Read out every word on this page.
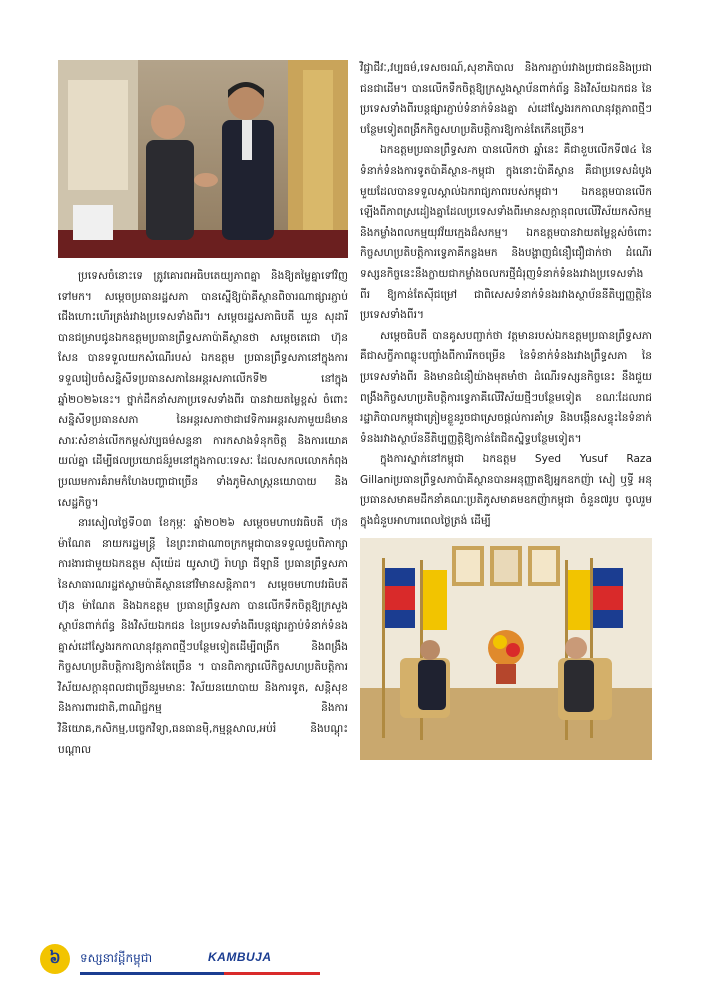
ប្រទេសចំនោះទេ ត្រូវគោរពអធិបតេយ្យភាពគ្នា និងឱ្យតម្លៃគ្នាទៅវិញទៅមក។ សម្តេចប្រធានរដ្ឋសភា បានស្នើឱ្យប៉ាគីស្ថានពិចារណាផ្សារភ្ជាប់ជើងហោះហើរត្រង់រវាងប្រទេសទាំងពីរ។ សម្តេចរដ្ឋសភាធិបតី ឃួន សុដារី បានជម្រាបជូនឯកឧត្តមប្រធានព្រឹទ្ធសភាប៉ាគីស្ថានថា សម្តេចតេជោ ហ៊ុន សែន បានទទួលយកសំណើរបស់ ឯកឧត្តម ប្រធានព្រឹទ្ធសភានៅក្នុងការទទួលរៀបចំសន្និសីទប្រធានសភានៃអន្តរសភាលើកទី២ នៅក្នុងឆ្នាំ២០២៦នេះ។ ថ្នាក់ដឹកនាំសភាប្រទេសទាំងពីរ បានវាយតម្លៃខ្ពស់ ចំពោះសន្និសីទប្រធានសភា នៃអន្តរសភាថាជាវេទិការអន្តរសភាមួយដ៏មានសារៈសំខាន់លើកកម្ពស់វប្បធម៌សន្ទនា ការកសាងទំនុកចិត្ត និងការយោគយល់គ្នា ដើម្បីផលប្រយោជន៍រួមនៅក្នុងកាលៈទេសៈ ដែលសកលលោកកំពុងប្រឈមការគំរាមកំហែងបញ្ហាជាច្រើន ទាំងភូមិសាស្ត្រនយោបាយ និងសេដ្ឋកិច្ច។

នារសៀលថ្ងៃទី០៣ ខែកុម្ភៈ ឆ្នាំ២០២៦ សម្តេចមហាបវរធិបតី ហ៊ុន ម៉ាណែត នាយករដ្ឋមន្ត្រី នៃព្រះរាជាណាចក្រកម្ពុជាបានទទួលជួបពិភាក្សាការងារជាមួយឯកឧត្តម ស៊ីយ៉េដ យូសាហ្វ៊ រ៉ាហ្សា ជីឡានី ប្រធានព្រឹទ្ធសភា នៃសាធារណរដ្ឋឥស្លាមប៉ាគីស្ថាននៅវិមានសន្តិភាព។ សម្តេចមហាបវរធិបតី ហ៊ុន ម៉ាណែត និងឯកឧត្តម ប្រធានព្រឹទ្ធសភា បានលើកទឹកចិត្តឱ្យក្រសួងស្ថាប័នពាក់ព័ន្ធ និងវិស័យឯកជន នៃប្រទេសទាំងពីរបន្តផ្សារភ្ជាប់ទំនាក់ទំនងគ្នាស់ដៅស្វែងរកកាលានុវត្តភាពថ្មីៗបន្ថែមទៀតដើម្បីពង្រីក និងពង្រឹងកិច្ចសហប្រតិបត្តិការឱ្យកាន់តែច្រើន ។ បានពិភាក្សាលើកិច្ចសហប្រតិបត្តិការវិស័យសក្តានុពលជាច្រើនរួមមានៈ វិស័យនយោបាយ និងការទូត, សន្តិសុខ និងការពារជាតិ,ពាណិជ្ជកម្ម និងការវិនិយោគ,កសិកម្ម,បច្ចេកវិទ្យា,ធនធានម៉ិ,កម្មន្តសាល,អប់រំ និងបណ្តុះបណ្តាល

វិជ្ជាជីវៈ,វប្បធម៌,ទេសចរណ៍,សុខាភិបាល និងការភ្ជាប់រវាងប្រជាជននិងប្រជាជនជាដើម។ បានលើកទឹកចិត្តឱ្យក្រសួងស្ថាប័នពាក់ព័ន្ធ និងវិស័យឯកជន នៃប្រទេសទាំងពីរបន្តផ្សារភ្ជាប់ទំនាក់ទំនងគ្នា ស់ដៅស្វែងរកកាលានុវត្តភាពថ្មីៗបន្ថែមទៀតពង្រីកកិច្ចសហប្រតិបត្តិការឱ្យកាន់តែកើនច្រើន។

ឯកឧត្តមប្រធានព្រឹទ្ធសភា បានលើកថា ឆ្នាំនេះ គឺជាខួបលើកទី៧៤ នៃទំនាក់ទំនងការទូតប៉ាគីស្ថាន-កម្ពុជា ក្នុងនោះប៉ាគីស្ថាន គឺជាប្រទេសដំបូងមួយដែលបានទទួលស្គាល់ឯករាជ្យភាពរបស់កម្ពុជា។ ឯកឧត្តមបានលើកឡើងពីភាពស្រដៀងគ្នាដែលប្រទេសទាំងពីរមានសក្តានុពលលើវិស័យកសិកម្ម និងកម្លាំងពលកម្មយុវវ័យក្មេងដ៏សកម្ម។ ឯកឧត្តមបានវាយតម្លៃខ្ពស់ចំពោះកិច្ចសហប្រតិបត្តិការទ្វេភាគីកន្លងមក និងបង្ហាញជំនឿជឿជាក់ថា ដំណើរទស្សនកិច្ចនេះនឹងក្លាយជាកម្លាំងចលករថ្មីជំរុញទំនាក់ទំនងរវាងប្រទេសទាំងពីរ ឱ្យកាន់តែស៊ីជម្រៅ ជាពិសេសទំនាក់ទំនងរវាងស្ថាប័ននីតិប្បញ្ញត្តិនៃប្រទេសទាំងពីរ។

សម្តេចធិបតី បានគូសបញ្ជាក់ថា វត្តមានរបស់ឯកឧត្តមប្រធានព្រឹទ្ធសភា គឺជាសក្ខីភាពឆ្លុះបញ្ចាំងពីការរីកចម្រើន នៃទំនាក់ទំនងរវាងព្រឹទ្ធសភា នៃប្រទេសទាំងពីរ និងមានជំនឿយ៉ាងមុតមាំថា ដំណើរទស្សនកិច្ចនេះ នឹងជួយពង្រឹងកិច្ចសហប្រតិបត្តិការទ្វេភាគីលើវិស័យថ្មីៗបន្ថែមទៀត ខណៈដែលរាជរដ្ឋាភិបាលកម្ពុជាត្រៀមខ្លួនរួចជាស្រេចផ្តល់ការគាំទ្រ និងបង្កើនសន្ទុះនៃទំនាក់ទំនងរវាងស្ថាប័ននីតិប្បញ្ញត្តិឱ្យកាន់តែជិតស្និទ្ធបន្ថែមទៀត។

ក្នុងការស្នាក់នៅកម្ពុជា ឯកឧត្តម Syed Yusuf Raza Gillaniប្រធានព្រឹទ្ធសភាប៉ាគីស្ថានបានអនុញ្ញាតឱ្យអ្នកឧកញ៉ា សៀ ឬទ្ធី អនុប្រធានសមាគមដឹកនាំគណៈប្រតិភូសមាគមឧកញ៉ាកម្ពុជា ចំនួន៧រូប ចូលរួមក្នុងជំនួបអាហារពេលថ្ងៃត្រង់ ដើម្បី

៦	ទស្សនាវដ្តីកម្ពុជា	KAMBUJA
